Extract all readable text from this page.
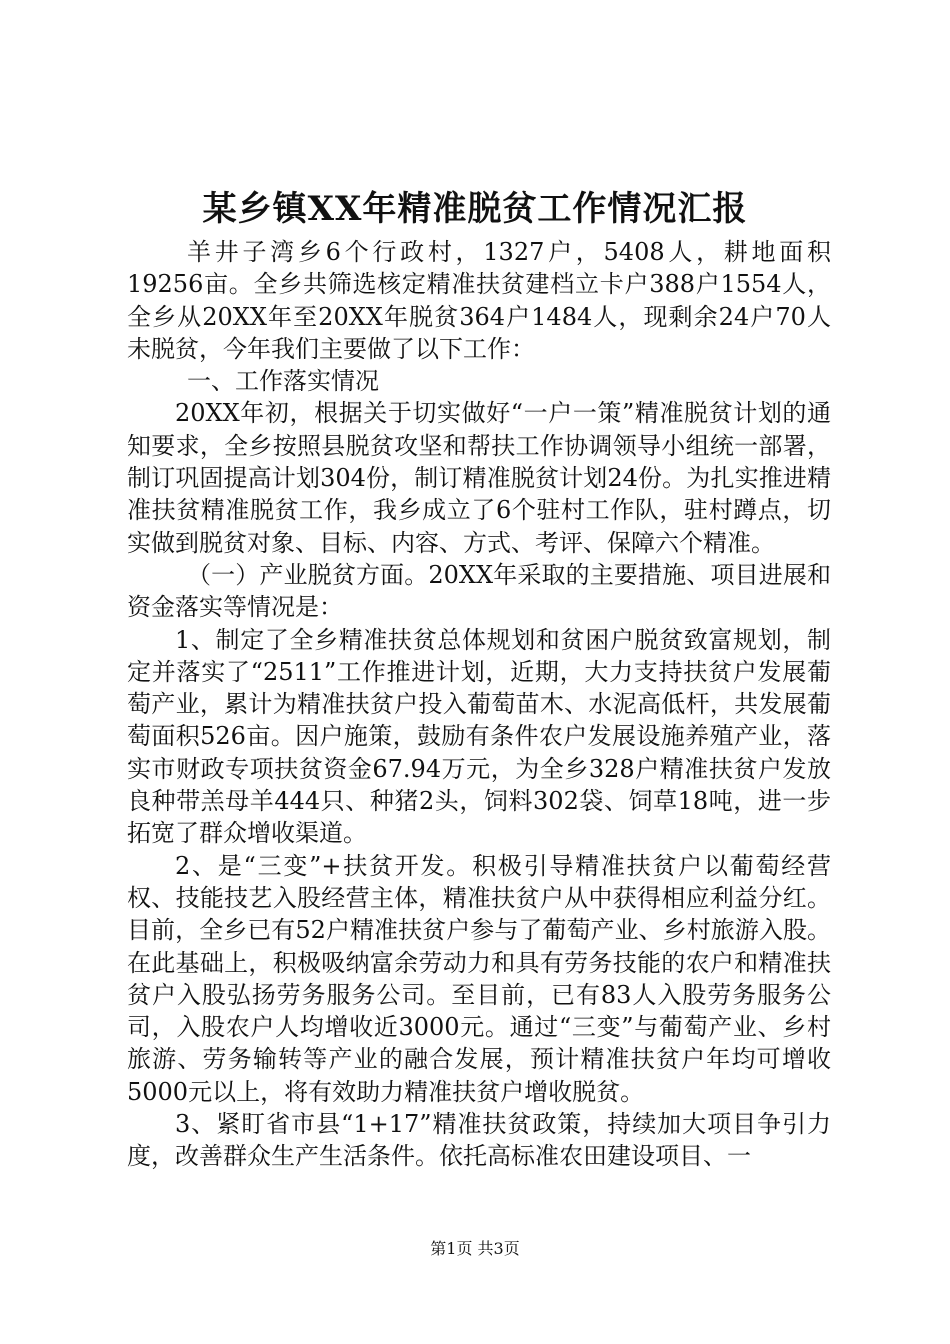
某乡镇XX年精准脱贫工作情况汇报

羊井子湾乡6个行政村，1327户，5408人，耕地面积19256亩。全乡共筛选核定精准扶贫建档立卡户388户1554人，全乡从20XX年至20XX年脱贫364户1484人，现剩余24户70人未脱贫，今年我们主要做了以下工作：

一、工作落实情况

20XX年初，根据关于切实做好“一户一策”精准脱贫计划的通知要求，全乡按照县脱贫攻坚和帮扶工作协调领导小组统一部署，制订巩固提高计划304份，制订精准脱贫计划24份。为扎实推进精准扶贫精准脱贫工作，我乡成立了6个驻村工作队，驻村蹲点，切实做到脱贫对象、目标、内容、方式、考评、保障六个精准。

（一）产业脱贫方面。20XX年采取的主要措施、项目进展和资金落实等情况是：

1、制定了全乡精准扶贫总体规划和贫困户脱贫致富规划，制定并落实了“2511”工作推进计划，近期，大力支持扶贫户发展葡萄产业，累计为精准扶贫户投入葡萄苗木、水泥高低杆，共发展葡萄面积526亩。因户施策，鼓励有条件农户发展设施养殖产业，落实市财政专项扶贫资金67.94万元，为全乡328户精准扶贫户发放良种带羔母羊444只、种猪2头，饲料302袋、饲草18吨，进一步拓宽了群众增收渠道。

2、是“三变”+扶贫开发。积极引导精准扶贫户以葡萄经营权、技能技艺入股经营主体，精准扶贫户从中获得相应利益分红。目前，全乡已有52户精准扶贫户参与了葡萄产业、乡村旅游入股。在此基础上，积极吸纳富余劳动力和具有劳务技能的农户和精准扶贫户入股弘扬劳务服务公司。至目前，已有83人入股劳务服务公司，入股农户人均增收近3000元。通过“三变”与葡萄产业、乡村旅游、劳务输转等产业的融合发展，预计精准扶贫户年均可增收5000元以上，将有效助力精准扶贫户增收脱贫。

3、紧盯省市县“1+17”精准扶贫政策，持续加大项目争引力度，改善群众生产生活条件。依托高标准农田建设项目、一

第1页 共3页
